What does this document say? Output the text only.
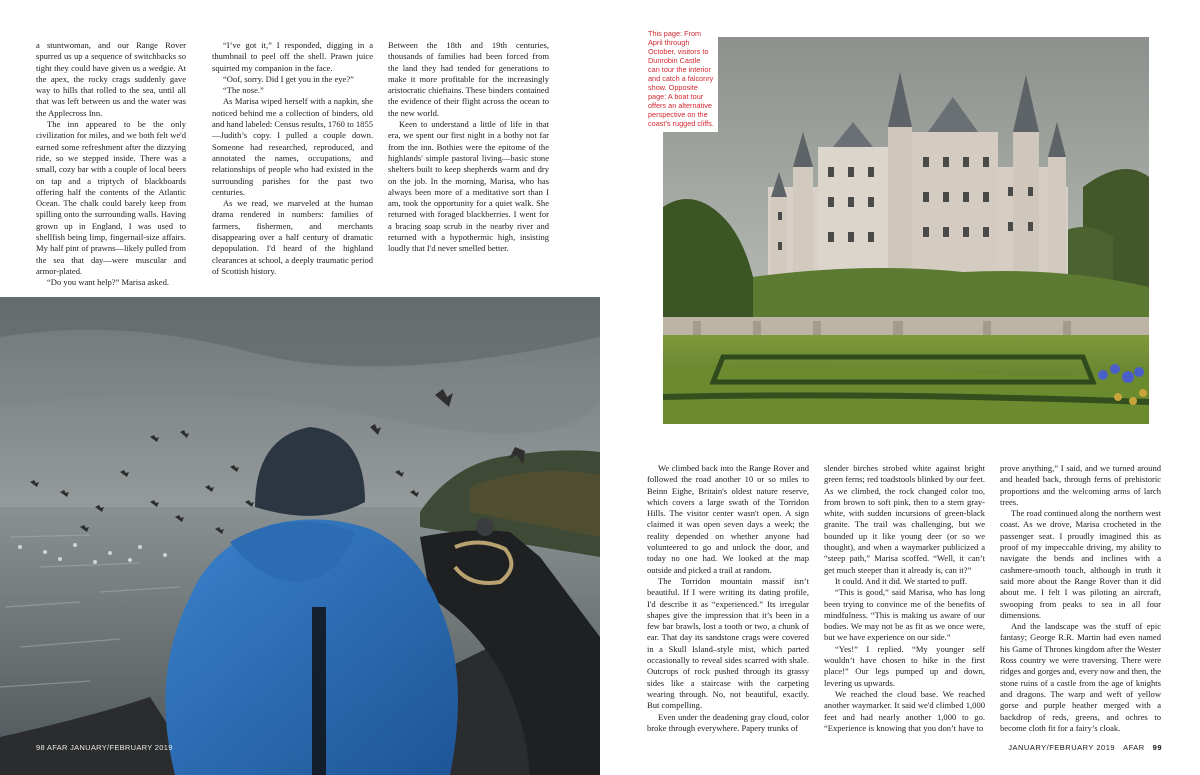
a stuntwoman, and our Range Rover spurred us up a sequence of switchbacks so tight they could have given us a wedgie. At the apex, the rocky crags suddenly gave way to hills that rolled to the sea, until all that was left between us and the water was the Applecross Inn.

The inn appeared to be the only civilization for miles, and we both felt we'd earned some refreshment after the dizzying ride, so we stepped inside. There was a small, cozy bar with a couple of local beers on tap and a triptych of blackboards offering half the contents of the Atlantic Ocean. The chalk could barely keep from spilling onto the surrounding walls. Having grown up in England, I was used to shellfish being limp, fingernail-size affairs. My half pint of prawns—likely pulled from the sea that day—were muscular and armor-plated.

“Do you want help?” Marisa asked.

“I’ve got it,” I responded, digging in a thumbnail to peel off the shell. Prawn juice squirted my companion in the face.

“Oof, sorry. Did I get you in the eye?”

“The nose.”

As Marisa wiped herself with a napkin, she noticed behind me a collection of binders, old and hand labeled: Census results, 1760 to 1855—Judith’s copy. I pulled a couple down. Someone had researched, reproduced, and annotated the names, occupations, and relationships of people who had existed in the surrounding parishes for the past two centuries.

As we read, we marveled at the human drama rendered in numbers: families of farmers, fishermen, and merchants disappearing over a half century of dramatic depopulation. I'd heard of the highland clearances at school, a deeply traumatic period of Scottish history.

Between the 18th and 19th centuries, thousands of families had been forced from the land they had tended for generations to make it more profitable for the increasingly aristocratic chieftains. These binders contained the evidence of their flight across the ocean to the new world.

Keen to understand a little of life in that era, we spent our first night in a bothy not far from the inn. Bothies were the epitome of the highlands' simple pastoral living—basic stone shelters built to keep shepherds warm and dry on the job. In the morning, Marisa, who has always been more of a meditative sort than I am, took the opportunity for a quiet walk. She returned with foraged blackberries. I went for a bracing soap scrub in the nearby river and returned with a hypothermic high, insisting loudly that I'd never smelled better.

98 AFAR JANUARY/FEBRUARY 2019
This page: From April through October, visitors to Dunrobin Castle can tour the interior and catch a falconry show. Opposite page: A boat tour offers an alternative perspective on the coast’s rugged cliffs.

We climbed back into the Range Rover and followed the road another 10 or so miles to Beinn Eighe, Britain's oldest nature reserve, which covers a large swath of the Torridon Hills. The visitor center wasn't open. A sign claimed it was open seven days a week; the reality depended on whether anyone had volunteered to go and unlock the door, and today no one had. We looked at the map outside and picked a trail at random.

The Torridon mountain massif isn’t beautiful. If I were writing its dating profile, I'd describe it as “experienced.” Its irregular shapes give the impression that it’s been in a few bar brawls, lost a tooth or two, a chunk of ear. That day its sandstone crags were covered in a Skull Island–style mist, which parted occasionally to reveal sides scarred with shale. Outcrops of rock pushed through its grassy sides like a staircase with the carpeting wearing through. No, not beautiful, exactly. But compelling.

Even under the deadening gray cloud, color broke through everywhere. Papery trunks of

slender birches strobed white against bright green ferns; red toadstools blinked by our feet. As we climbed, the rock changed color too, from brown to soft pink, then to a stern gray-white, with sudden incursions of green-black granite. The trail was challenging, but we bounded up it like young deer (or so we thought), and when a waymarker publicized a “steep path,” Marisa scoffed. “Well, it can’t get much steeper than it already is, can it?”

It could. And it did. We started to puff.

“This is good,” said Marisa, who has long been trying to convince me of the benefits of mindfulness. “This is making us aware of our bodies. We may not be as fit as we once were, but we have experience on our side.”

“Yes!” I replied. “My younger self wouldn’t have chosen to hike in the first place!” Our legs pumped up and down, levering us upwards.

We reached the cloud base. We reached another waymarker. It said we'd climbed 1,000 feet and had nearly another 1,000 to go. “Experience is knowing that you don’t have to

prove anything,” I said, and we turned around and headed back, through ferns of prehistoric proportions and the welcoming arms of larch trees.

The road continued along the northern west coast. As we drove, Marisa crocheted in the passenger seat. I proudly imagined this as proof of my impeccable driving, my ability to navigate the bends and inclines with a cashmere-smooth touch, although in truth it said more about the Range Rover than it did about me. I felt I was piloting an aircraft, swooping from peaks to sea in all four dimensions.

And the landscape was the stuff of epic fantasy; George R.R. Martin had even named his Game of Thrones kingdom after the Wester Ross country we were traversing. There were ridges and gorges and, every now and then, the stone ruins of a castle from the age of knights and dragons. The warp and weft of yellow gorse and purple heather merged with a backdrop of reds, greens, and ochres to become cloth fit for a fairy’s cloak.

JANUARY/FEBRUARY 2019 AFAR 99
